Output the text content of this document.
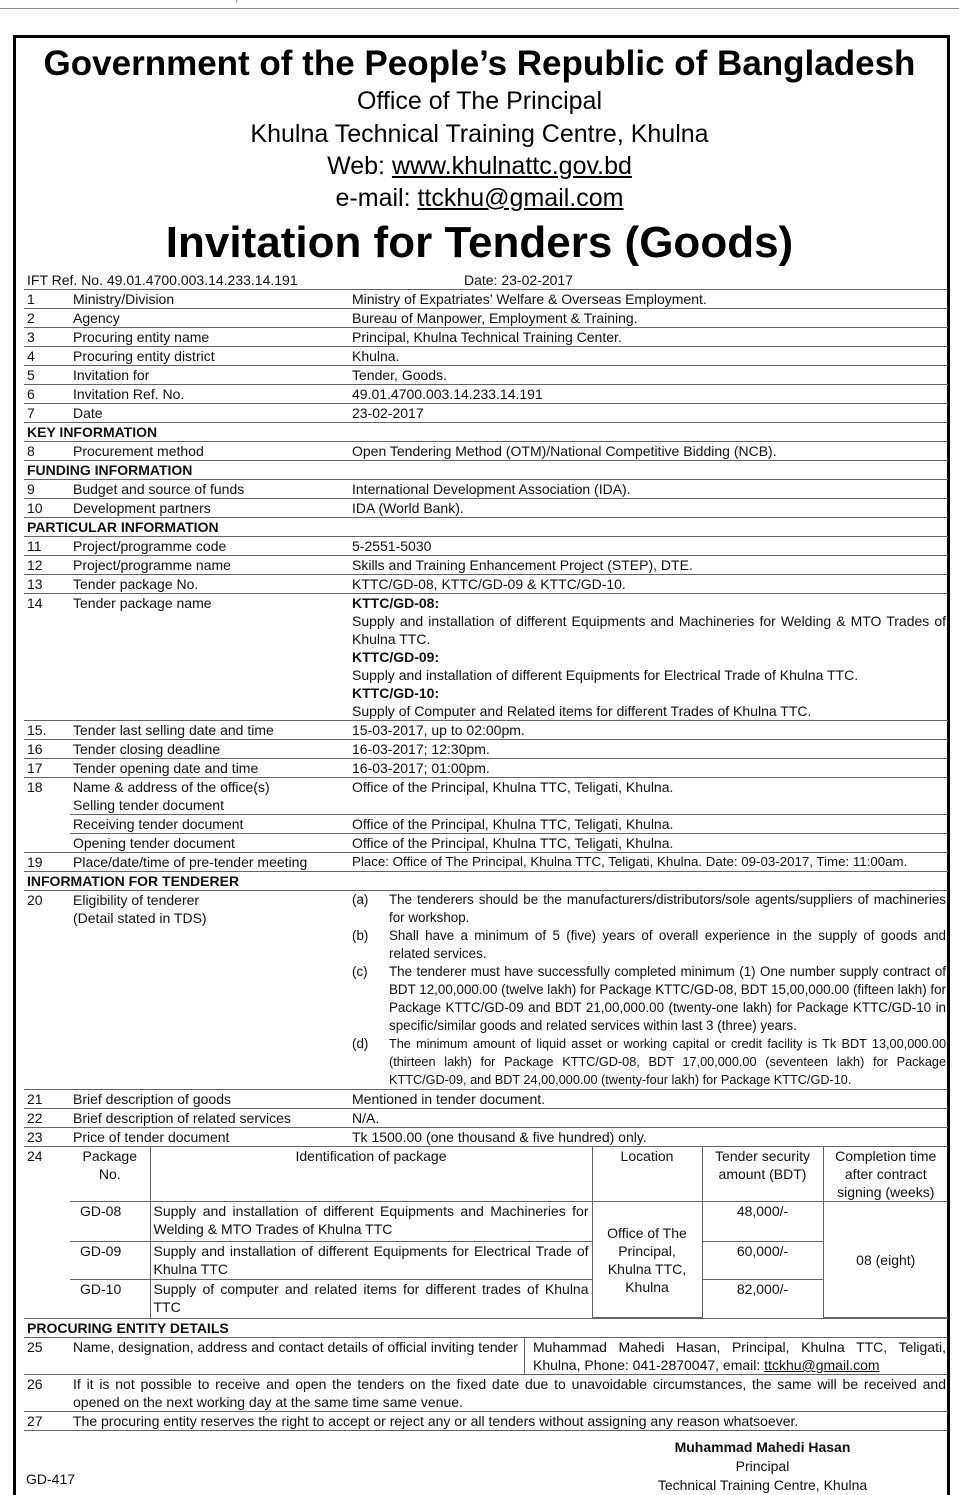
Government of the People’s Republic of Bangladesh
Office of The Principal
Khulna Technical Training Centre, Khulna
Web: www.khulnattc.gov.bd
e-mail: ttckhu@gmail.com
Invitation for Tenders (Goods)
IFT Ref. No. 49.01.4700.003.14.233.14.191	Date: 23-02-2017
1	Ministry/Division	Ministry of Expatriates’ Welfare & Overseas Employment.
2	Agency	Bureau of Manpower, Employment & Training.
3	Procuring entity name	Principal, Khulna Technical Training Center.
4	Procuring entity district	Khulna.
5	Invitation for	Tender, Goods.
6	Invitation Ref. No.	49.01.4700.003.14.233.14.191
7	Date	23-02-2017
KEY INFORMATION
8	Procurement method	Open Tendering Method (OTM)/National Competitive Bidding (NCB).
FUNDING INFORMATION
9	Budget and source of funds	International Development Association (IDA).
10	Development partners	IDA (World Bank).
PARTICULAR INFORMATION
11	Project/programme code	5-2551-5030
12	Project/programme name	Skills and Training Enhancement Project (STEP), DTE.
13	Tender package No.	KTTC/GD-08, KTTC/GD-09 & KTTC/GD-10.
14	Tender package name	KTTC/GD-08:
Supply and installation of different Equipments and Machineries for Welding & MTO Trades of Khulna TTC.
KTTC/GD-09:
Supply and installation of different Equipments for Electrical Trade of Khulna TTC.
KTTC/GD-10:
Supply of Computer and Related items for different Trades of Khulna TTC.

15.	Tender last selling date and time	15-03-2017, up to 02:00pm.
16	Tender closing deadline	16-03-2017; 12:30pm.
17	Tender opening date and time	16-03-2017; 01:00pm.
18	Name & address of the office(s)
Selling tender document
	Office of the Principal, Khulna TTC, Teligati, Khulna.
	Receiving tender document	Office of the Principal, Khulna TTC, Teligati, Khulna.
	Opening tender document	Office of the Principal, Khulna TTC, Teligati, Khulna.
19	Place/date/time of pre-tender meeting	Place: Office of The Principal, Khulna TTC, Teligati, Khulna. Date: 09-03-2017, Time: 11:00am.
INFORMATION FOR TENDERER
20	Eligibility of tenderer
(Detail stated in TDS)

(a)	The tenderers should be the manufacturers/distributors/sole agents/suppliers of machineries for workshop.
(b)	Shall have a minimum of 5 (five) years of overall experience in the supply of goods and related services.
(c)	The tenderer must have successfully completed minimum (1) One number supply contract of BDT 12,00,000.00 (twelve lakh) for Package KTTC/GD-08, BDT 15,00,000.00 (fifteen lakh) for Package KTTC/GD-09 and BDT 21,00,000.00 (twenty-one lakh) for Package KTTC/GD-10 in specific/similar goods and related services within last 3 (three) years.
(d)	The minimum amount of liquid asset or working capital or credit facility is Tk BDT 13,00,000.00 (thirteen lakh) for Package KTTC/GD-08, BDT 17,00,000.00 (seventeen lakh) for Package KTTC/GD-09, and BDT 24,00,000.00 (twenty-four lakh) for Package KTTC/GD-10.

21	Brief description of goods	Mentioned in tender document.
22	Brief description of related services	N/A.
23	Price of tender document	Tk 1500.00 (one thousand & five hundred) only.
24		Package No.	Identification of package	Location	Tender security amount (BDT)	Completion time after contract signing (weeks)
GD-08	Supply and installation of different Equipments and Machineries for Welding & MTO Trades of Khulna TTC	Office of The Principal, Khulna TTC, Khulna	48,000/-	08 (eight)
GD-09	Supply and installation of different Equipments for Electrical Trade of Khulna TTC	60,000/-
GD-10	Supply of computer and related items for different trades of Khulna TTC	82,000/-

PROCURING ENTITY DETAILS
25	Name, designation, address and contact details of official inviting tender	Muhammad Mahedi Hasan, Principal, Khulna TTC, Teligati, Khulna, Phone: 041-2870047, email: ttckhu@gmail.com

26	If it is not possible to receive and open the tenders on the fixed date due to unavoidable circumstances, the same will be received and opened on the next working day at the same time same venue.
27	The procuring entity reserves the right to accept or reject any or all tenders without assigning any reason whatsoever.

Muhammad Mahedi Hasan
Principal
Technical Training Centre, Khulna
GD-417
